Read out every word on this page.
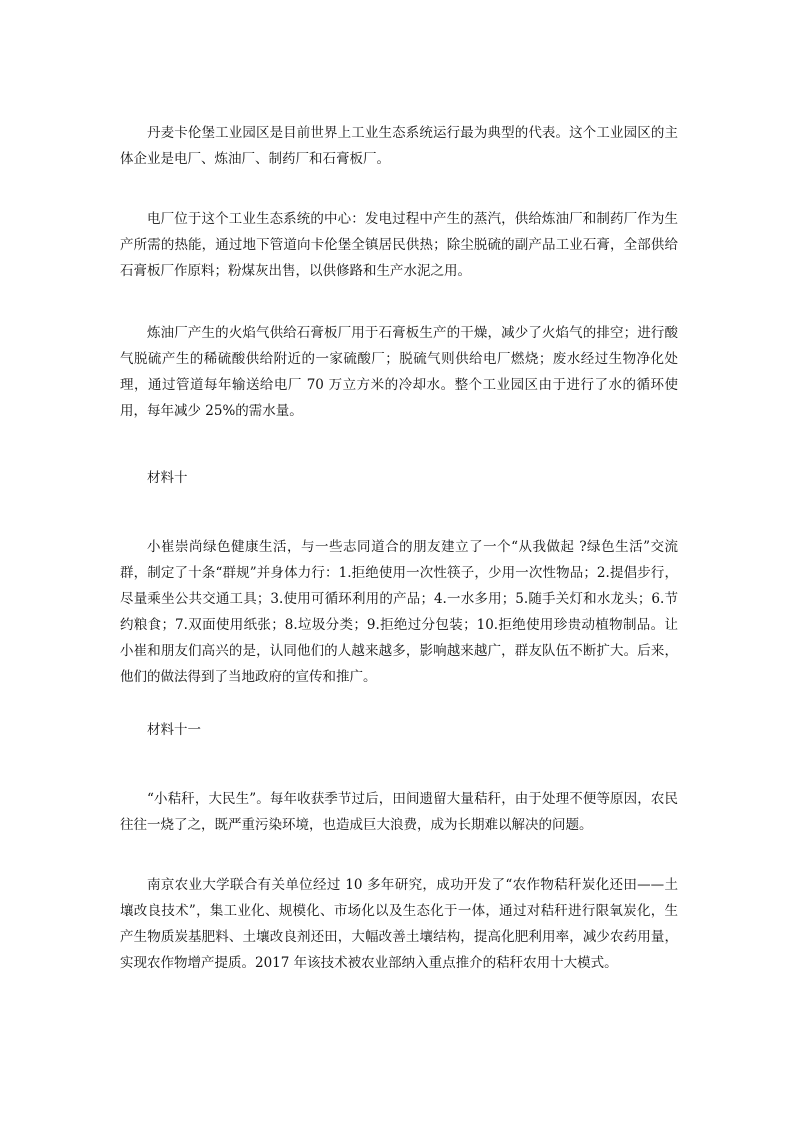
丹麦卡伦堡工业园区是目前世界上工业生态系统运行最为典型的代表。这个工业园区的主体企业是电厂、炼油厂、制药厂和石膏板厂。

电厂位于这个工业生态系统的中心：发电过程中产生的蒸汽，供给炼油厂和制药厂作为生产所需的热能，通过地下管道向卡伦堡全镇居民供热；除尘脱硫的副产品工业石膏，全部供给石膏板厂作原料；粉煤灰出售，以供修路和生产水泥之用。

炼油厂产生的火焰气供给石膏板厂用于石膏板生产的干燥，减少了火焰气的排空；进行酸气脱硫产生的稀硫酸供给附近的一家硫酸厂；脱硫气则供给电厂燃烧；废水经过生物净化处理，通过管道每年输送给电厂 70 万立方米的冷却水。整个工业园区由于进行了水的循环使用，每年减少 25%的需水量。

材料十

小崔崇尚绿色健康生活，与一些志同道合的朋友建立了一个“从我做起 ?绿色生活”交流群，制定了十条“群规”并身体力行：1.拒绝使用一次性筷子，少用一次性物品；2.提倡步行，尽量乘坐公共交通工具；3.使用可循环利用的产品；4.一水多用；5.随手关灯和水龙头；6.节约粮食；7.双面使用纸张；8.垃圾分类；9.拒绝过分包装；10.拒绝使用珍贵动植物制品。让小崔和朋友们高兴的是，认同他们的人越来越多，影响越来越广，群友队伍不断扩大。后来，他们的做法得到了当地政府的宣传和推广。

材料十一

“小秸秆，大民生”。每年收获季节过后，田间遗留大量秸秆，由于处理不便等原因，农民往往一烧了之，既严重污染环境，也造成巨大浪费，成为长期难以解决的问题。

南京农业大学联合有关单位经过 10 多年研究，成功开发了“农作物秸秆炭化还田——土壤改良技术”，集工业化、规模化、市场化以及生态化于一体，通过对秸秆进行限氧炭化，生产生物质炭基肥料、土壤改良剂还田，大幅改善土壤结构，提高化肥利用率，减少农药用量，实现农作物增产提质。2017 年该技术被农业部纳入重点推介的秸秆农用十大模式。
